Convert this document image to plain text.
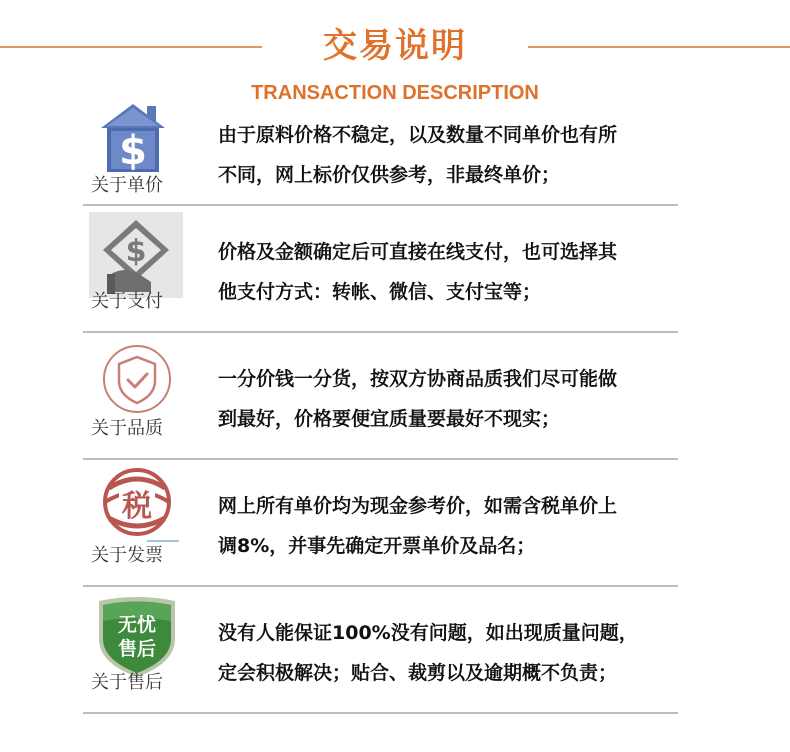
交易说明
TRANSACTION DESCRIPTION
$
关于单价
由于原料价格不稳定，以及数量不同单价也有所
不同，网上标价仅供参考，非最终单价；
$
关于支付
价格及金额确定后可直接在线支付，也可选择其
他支付方式：转帐、微信、支付宝等；
关于品质
一分价钱一分货，按双方协商品质我们尽可能做
到最好，价格要便宜质量要最好不现实；
税
关于发票
网上所有单价均为现金参考价，如需含税单价上
调8%，并事先确定开票单价及品名；
无忧
售后
关于售后
没有人能保证100%没有问题，如出现质量问题，
定会积极解决；贴合、裁剪以及逾期概不负责；
